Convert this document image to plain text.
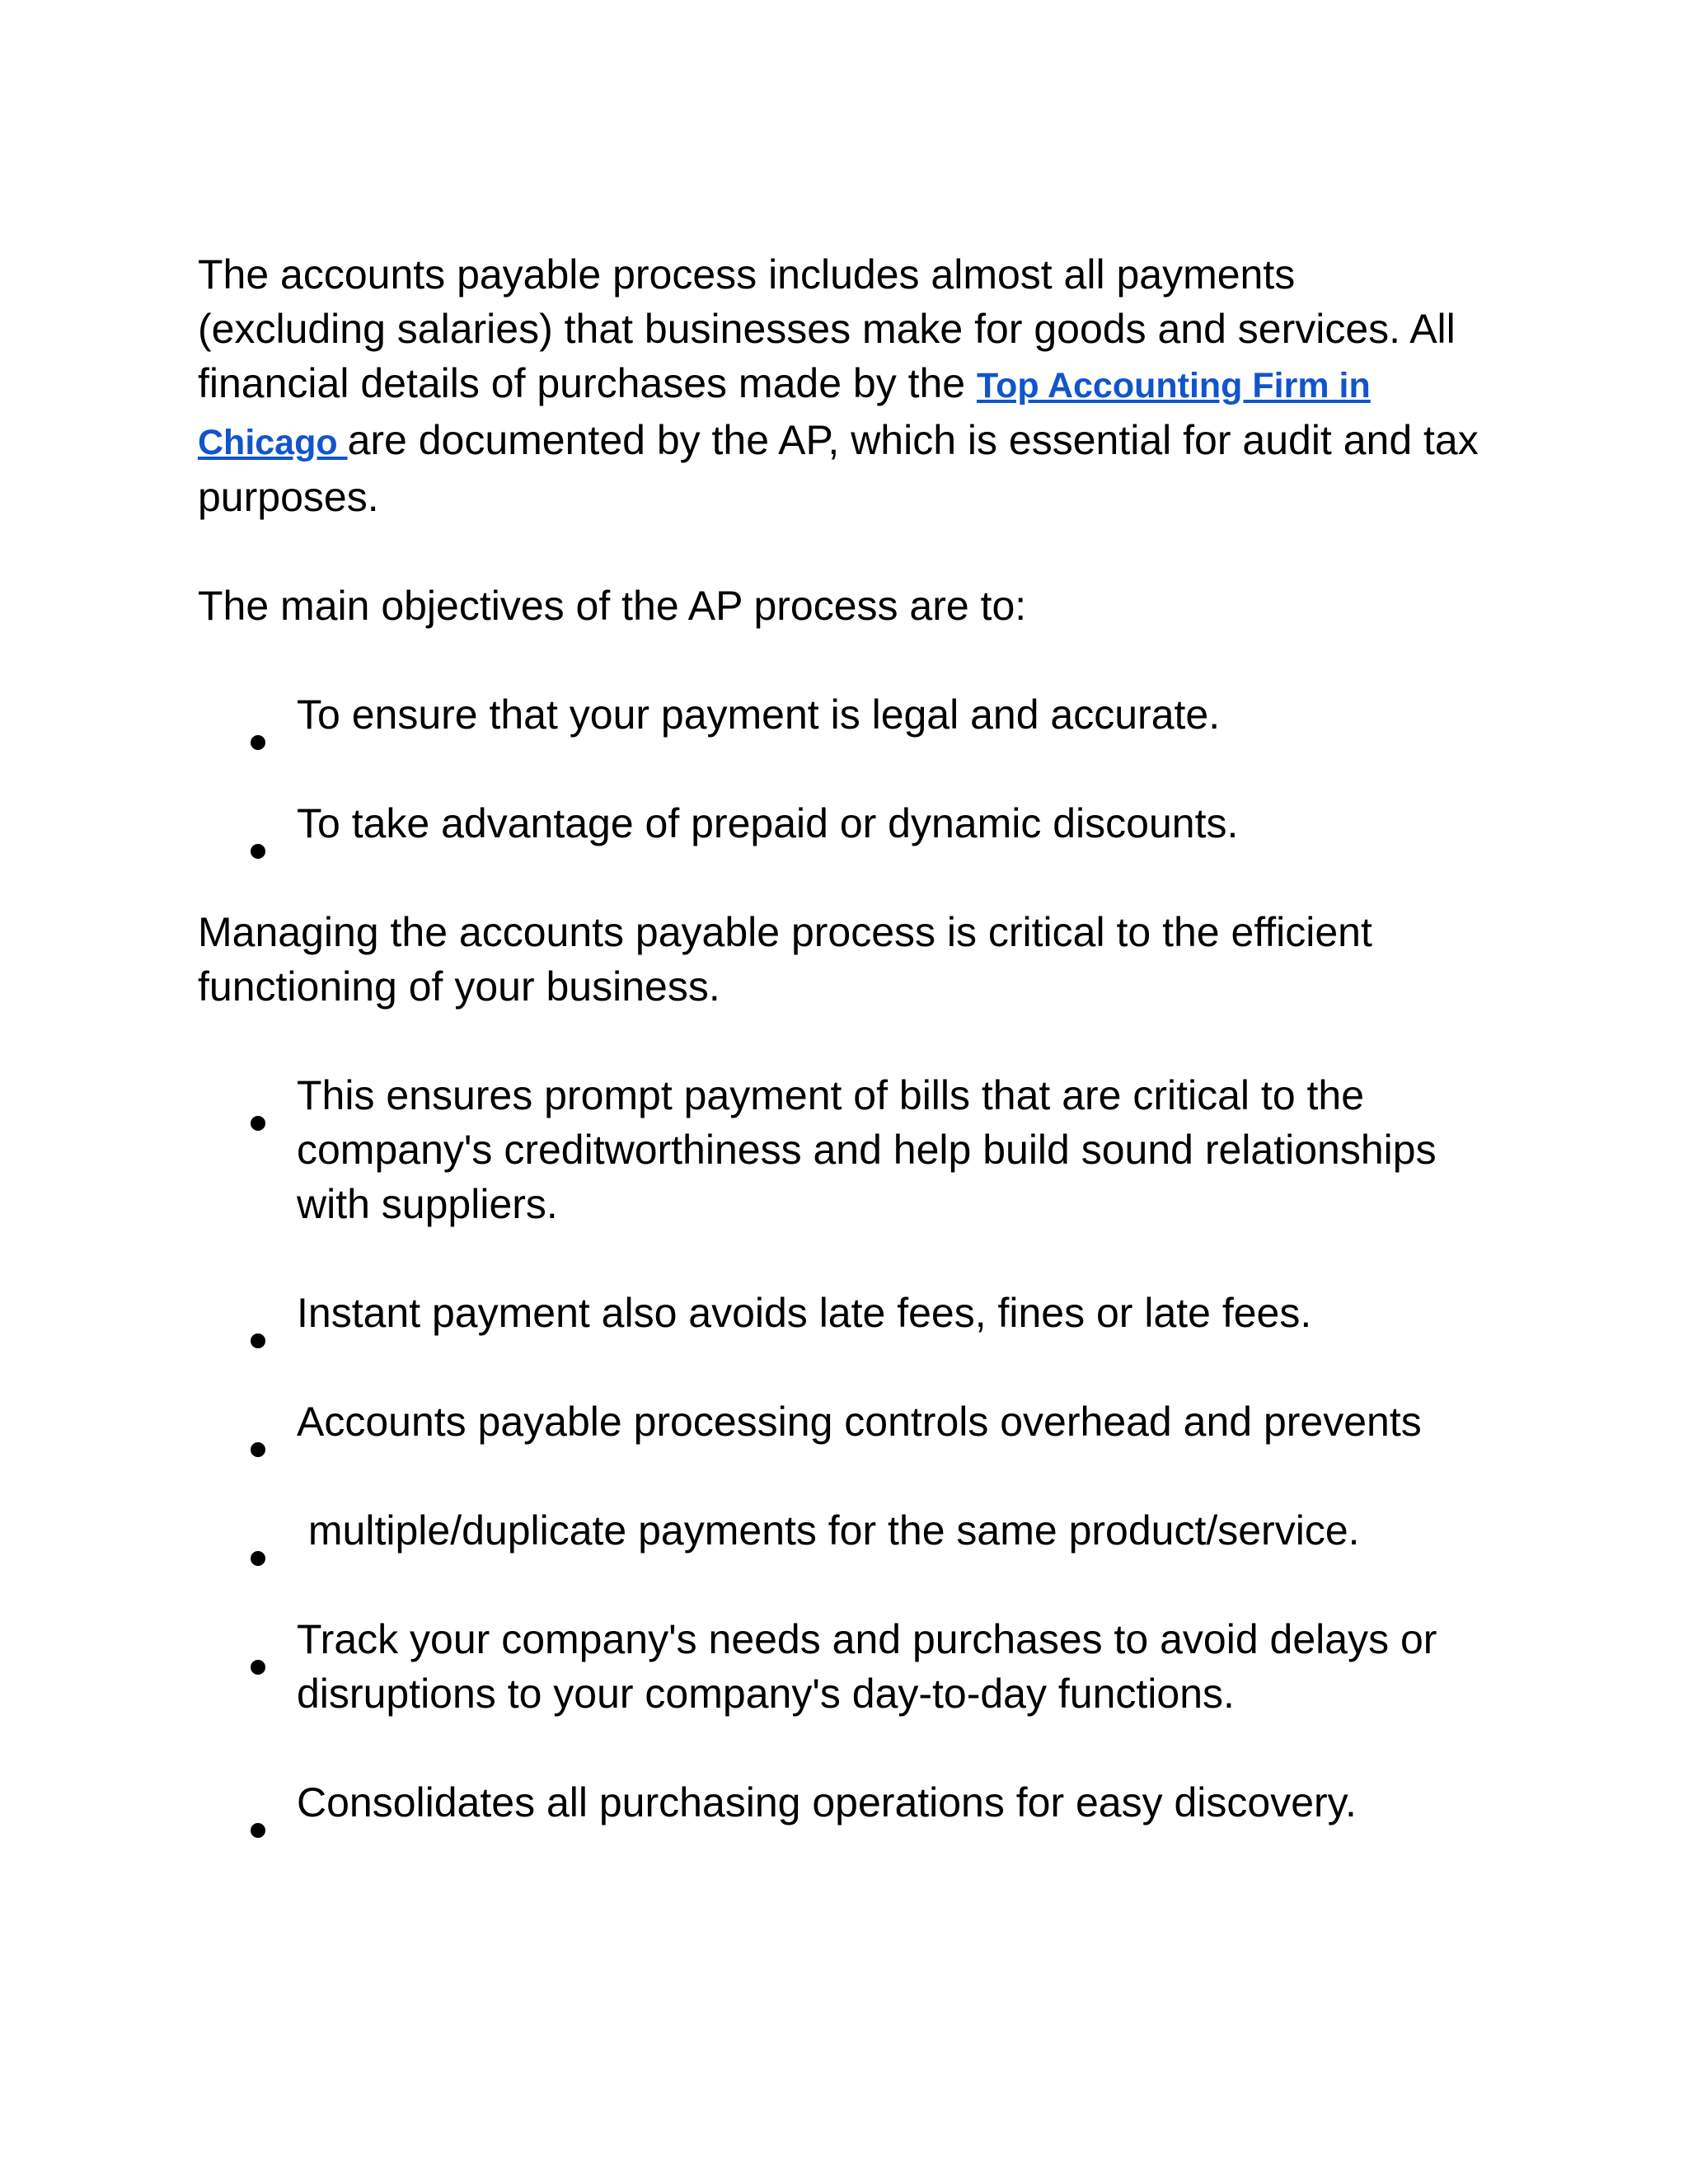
The accounts payable process includes almost all payments (excluding salaries) that businesses make for goods and services. All financial details of purchases made by the Top Accounting Firm in Chicago are documented by the AP, which is essential for audit and tax purposes.

The main objectives of the AP process are to:

To ensure that your payment is legal and accurate.
To take advantage of prepaid or dynamic discounts.

Managing the accounts payable process is critical to the efficient functioning of your business.

This ensures prompt payment of bills that are critical to the company's creditworthiness and help build sound relationships with suppliers.
Instant payment also avoids late fees, fines or late fees.
Accounts payable processing controls overhead and prevents
multiple/duplicate payments for the same product/service.
Track your company's needs and purchases to avoid delays or disruptions to your company's day-to-day functions.
Consolidates all purchasing operations for easy discovery.
